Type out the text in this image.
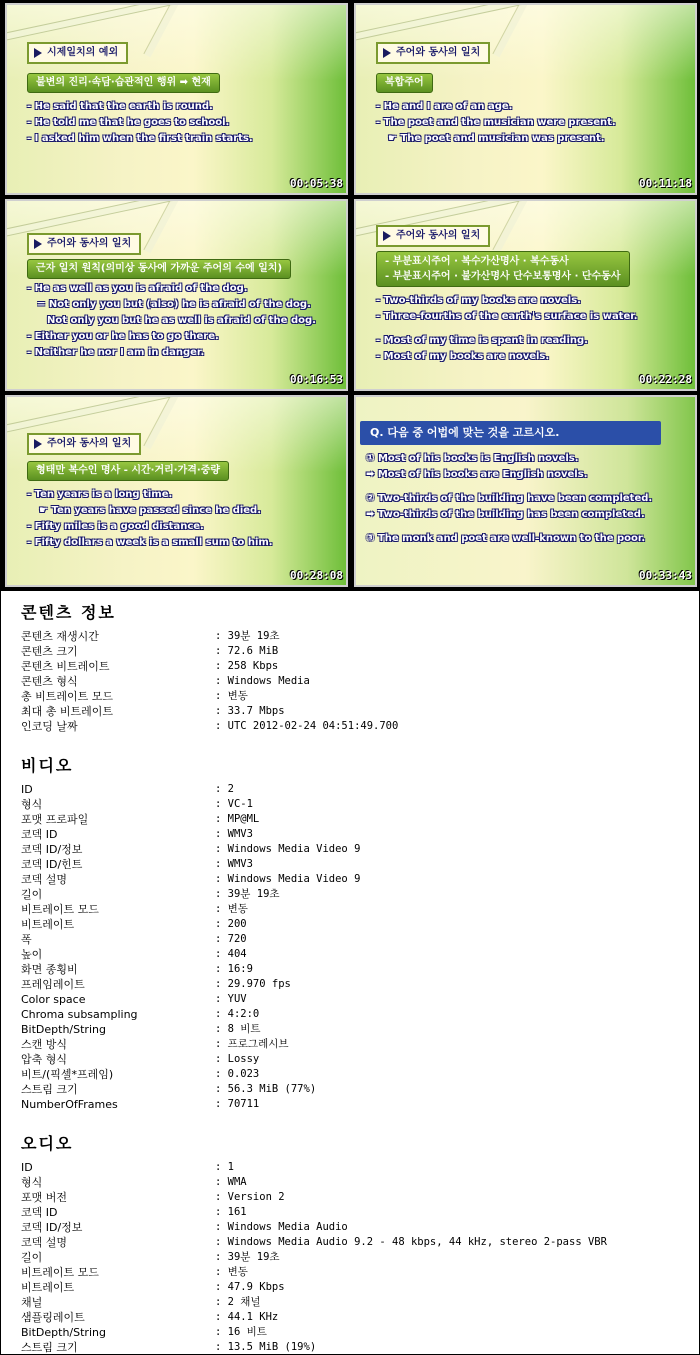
시제일치의 예외
불변의 진리·속담·습관적인 행위 ➡ 현재
- He said that the earth is round.
- He told me that he goes to school.
- I asked him when the first train starts.
00:05:38
주어와 동사의 일치
복합주어
- He and I are of an age.
- The poet and the musician were present.
☛ The poet and musician was present.
00:11:18
주어와 동사의 일치
근자 일치 원칙(의미상 동사에 가까운 주어의 수에 일치)
- He as well as you is afraid of the dog.
= Not only you but (also) he is afraid of the dog.
Not only you but he as well is afraid of the dog.
- Either you or he has to go there.
- Neither he nor I am in danger.
00:16:53
주어와 동사의 일치
- 부분표시주어 · 복수가산명사 · 복수동사
- 부분표시주어 · 불가산명사 단수보통명사 · 단수동사
- Two-thirds of my books are novels.
- Three-fourths of the earth's surface is water.
- Most of my time is spent in reading.
- Most of my books are novels.
00:22:28
주어와 동사의 일치
형태만 복수인 명사 - 시간·거리·가격·중량
- Ten years is a long time.
☛ Ten years have passed since he died.
- Fifty miles is a good distance.
- Fifty dollars a week is a small sum to him.
00:28:08
Q. 다음 중 어법에 맞는 것을 고르시오.
① Most of his books is English novels.
➡ Most of his books are English novels.
② Two-thirds of the building have been completed.
➡ Two-thirds of the building has been completed.
③ The monk and poet are well-known to the poor.
00:33:43
콘텐츠 정보
콘텐츠 재생시간	: 39분 19초
콘텐츠 크기	: 72.6 MiB
콘텐츠 비트레이트	: 258 Kbps
콘텐츠 형식	: Windows Media
총 비트레이트 모드	: 변동
최대 총 비트레이트	: 33.7 Mbps
인코딩 날짜	: UTC 2012-02-24 04:51:49.700
비디오
ID	: 2
형식	: VC-1
포맷 프로파일	: MP@ML
코덱 ID	: WMV3
코덱 ID/정보	: Windows Media Video 9
코덱 ID/힌트	: WMV3
코덱 설명	: Windows Media Video 9
길이	: 39분 19초
비트레이트 모드	: 변동
비트레이트	: 200
폭	: 720
높이	: 404
화면 종횡비	: 16:9
프레임레이트	: 29.970 fps
Color space	: YUV
Chroma subsampling	: 4:2:0
BitDepth/String	: 8 비트
스캔 방식	: 프로그레시브
압축 형식	: Lossy
비트/(픽셀*프레임)	: 0.023
스트림 크기	: 56.3 MiB (77%)
NumberOfFrames	: 70711
오디오
ID	: 1
형식	: WMA
포맷 버전	: Version 2
코덱 ID	: 161
코덱 ID/정보	: Windows Media Audio
코덱 설명	: Windows Media Audio 9.2 - 48 kbps, 44 kHz, stereo 2-pass VBR
길이	: 39분 19초
비트레이트 모드	: 변동
비트레이트	: 47.9 Kbps
채널	: 2 채널
샘플링레이트	: 44.1 KHz
BitDepth/String	: 16 비트
스트림 크기	: 13.5 MiB (19%)
